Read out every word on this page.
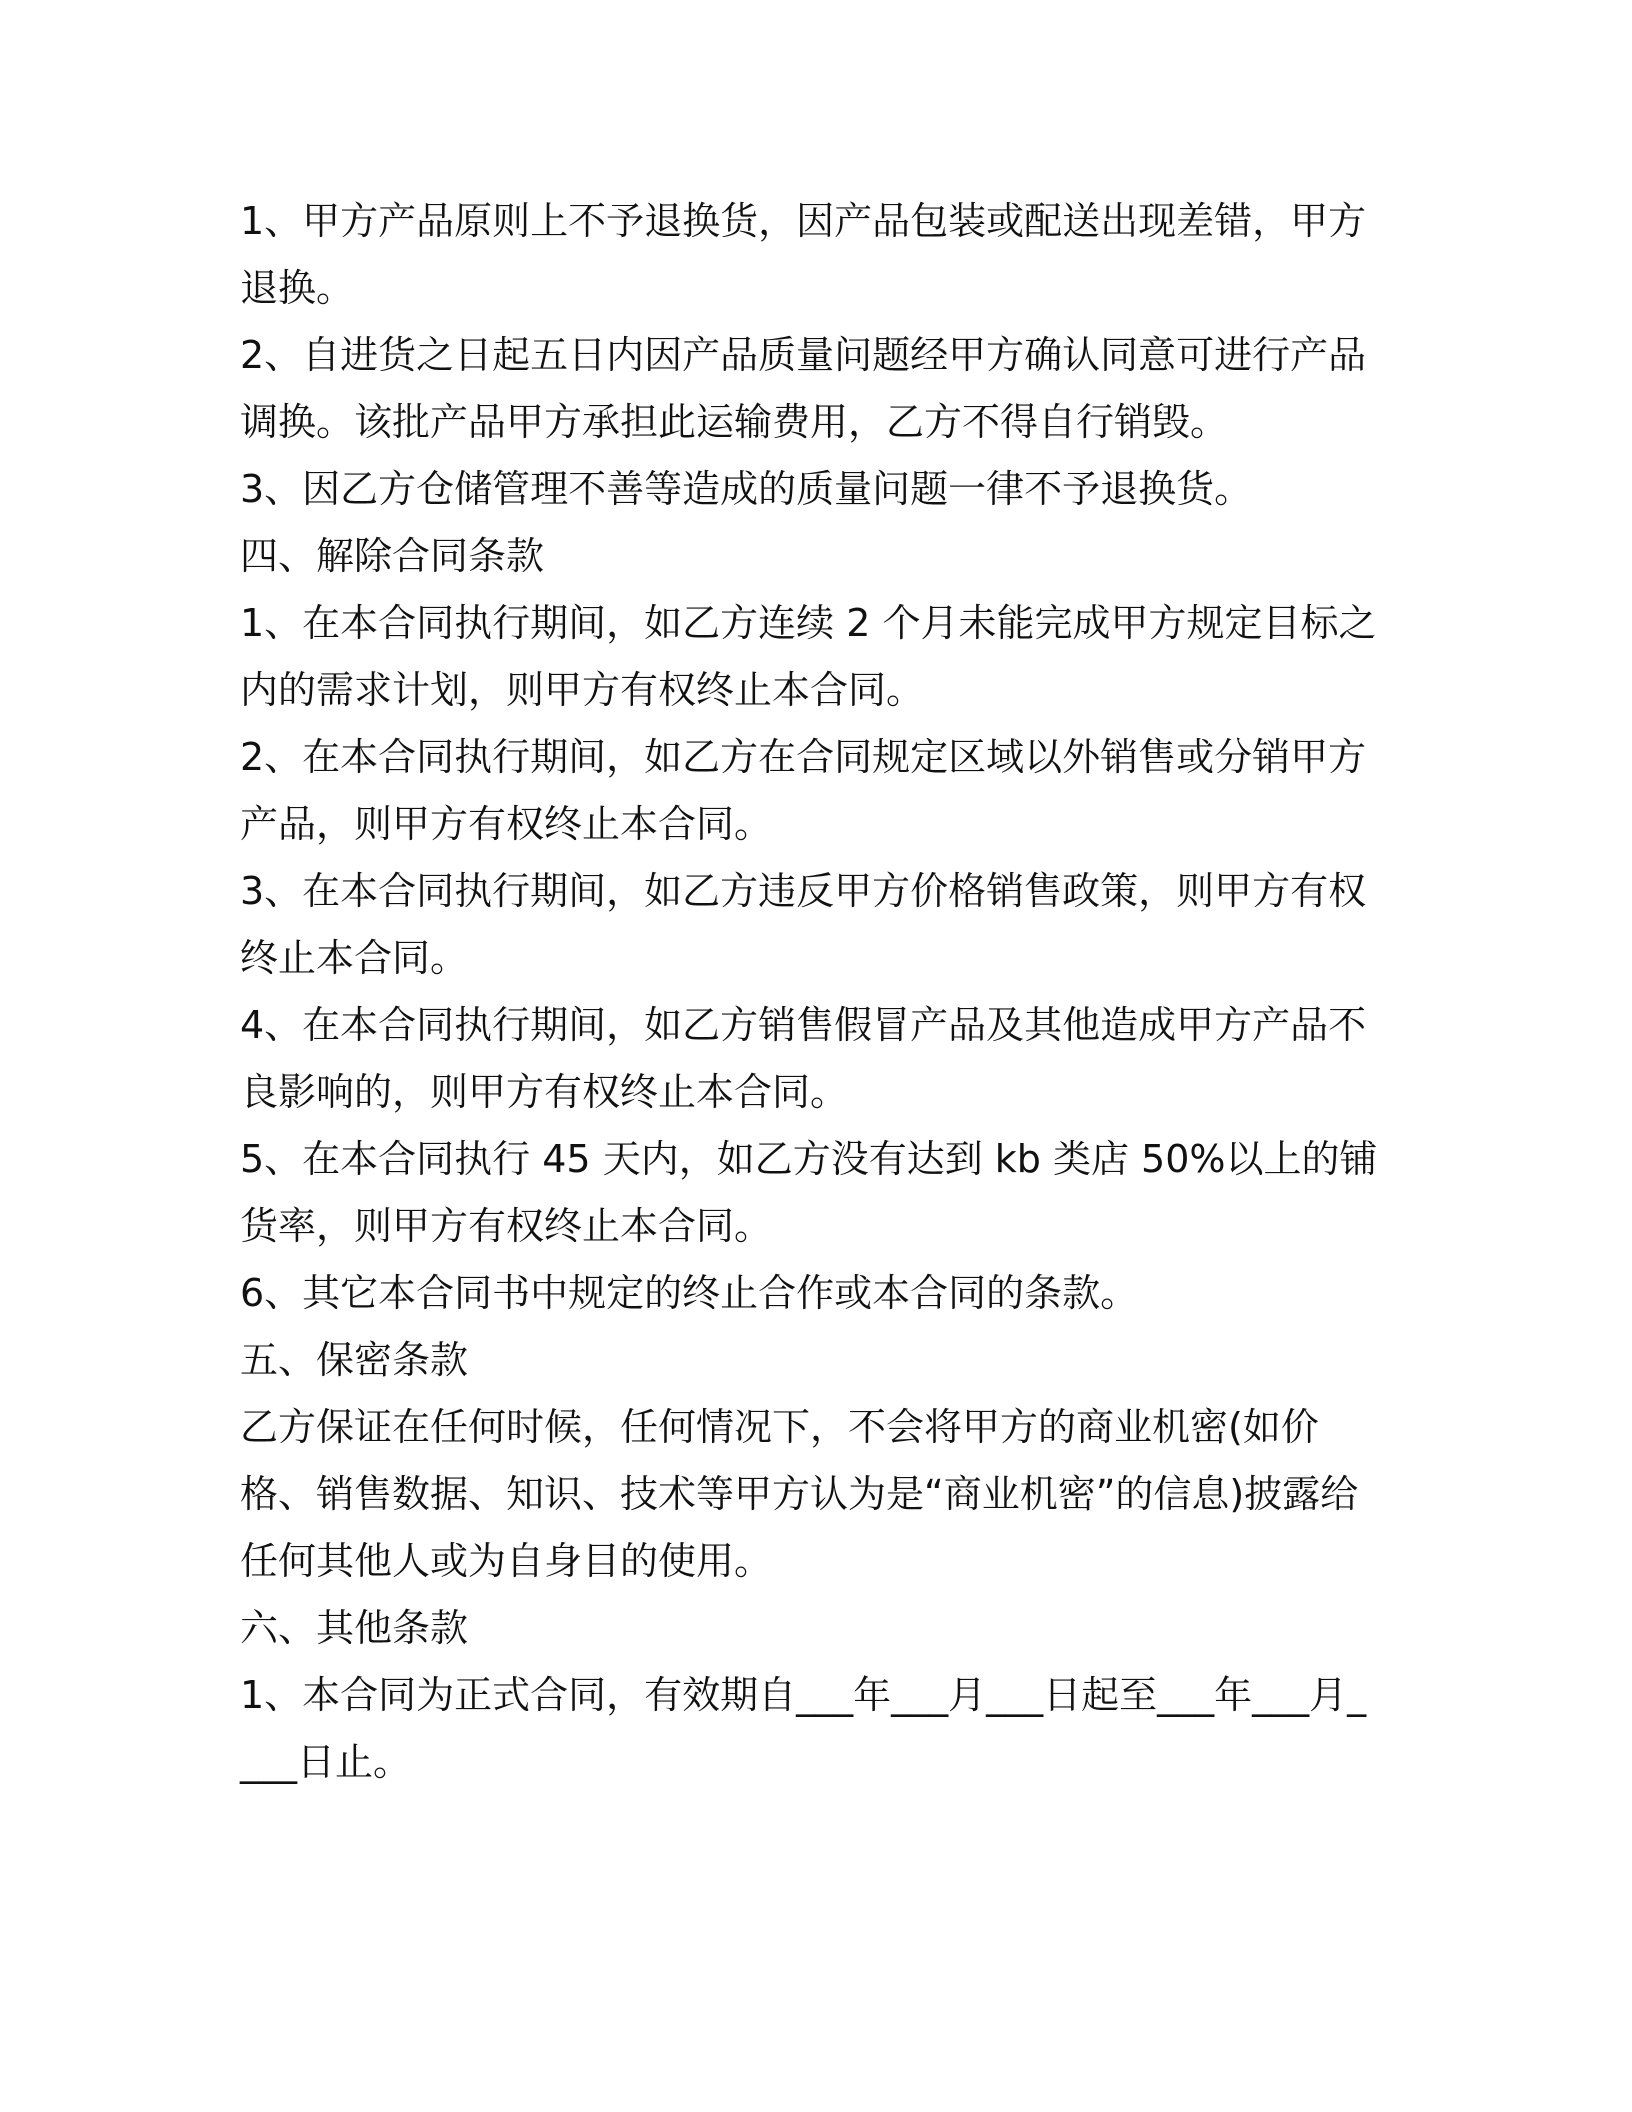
1、甲方产品原则上不予退换货，因产品包装或配送出现差错，甲方退换。

2、自进货之日起五日内因产品质量问题经甲方确认同意可进行产品调换。该批产品甲方承担此运输费用，乙方不得自行销毁。

3、因乙方仓储管理不善等造成的质量问题一律不予退换货。

四、解除合同条款

1、在本合同执行期间，如乙方连续 2 个月未能完成甲方规定目标之内的需求计划，则甲方有权终止本合同。

2、在本合同执行期间，如乙方在合同规定区域以外销售或分销甲方产品，则甲方有权终止本合同。

3、在本合同执行期间，如乙方违反甲方价格销售政策，则甲方有权终止本合同。

4、在本合同执行期间，如乙方销售假冒产品及其他造成甲方产品不良影响的，则甲方有权终止本合同。

5、在本合同执行 45 天内，如乙方没有达到 kb 类店 50%以上的铺货率，则甲方有权终止本合同。

6、其它本合同书中规定的终止合作或本合同的条款。

五、保密条款

乙方保证在任何时候，任何情况下，不会将甲方的商业机密(如价格、销售数据、知识、技术等甲方认为是“商业机密”的信息)披露给任何其他人或为自身目的使用。

六、其他条款

1、本合同为正式合同，有效期自___年___月___日起至___年___月____日止。
